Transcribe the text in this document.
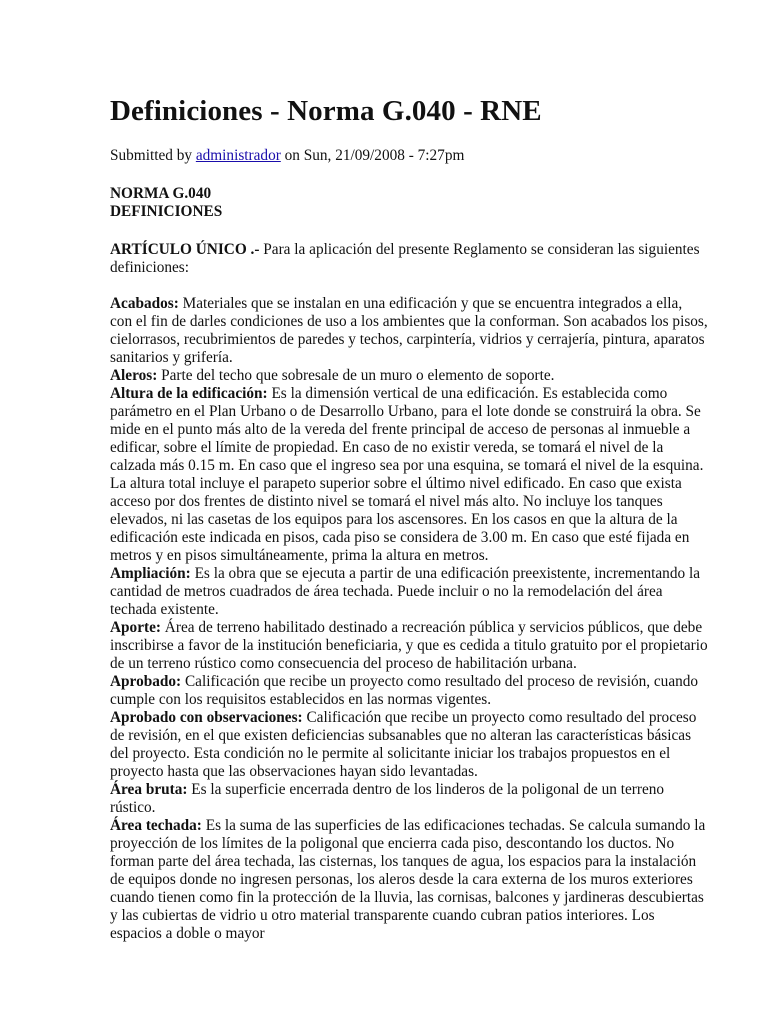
Definiciones - Norma G.040 - RNE

Submitted by administrador on Sun, 21/09/2008 - 7:27pm

NORMA G.040
DEFINICIONES

ARTÍCULO ÚNICO .- Para la aplicación del presente Reglamento se consideran las siguientes definiciones:

Acabados: Materiales que se instalan en una edificación y que se encuentra integrados a ella, con el fin de darles condiciones de uso a los ambientes que la conforman. Son acabados los pisos, cielorrasos, recubrimientos de paredes y techos, carpintería, vidrios y cerrajería, pintura, aparatos sanitarios y grifería.

Aleros: Parte del techo que sobresale de un muro o elemento de soporte.

Altura de la edificación: Es la dimensión vertical de una edificación. Es establecida como parámetro en el Plan Urbano o de Desarrollo Urbano, para el lote donde se construirá la obra. Se mide en el punto más alto de la vereda del frente principal de acceso de personas al inmueble a edificar, sobre el límite de propiedad. En caso de no existir vereda, se tomará el nivel de la calzada más 0.15 m. En caso que el ingreso sea por una esquina, se tomará el nivel de la esquina. La altura total incluye el parapeto superior sobre el último nivel edificado. En caso que exista acceso por dos frentes de distinto nivel se tomará el nivel más alto. No incluye los tanques elevados, ni las casetas de los equipos para los ascensores. En los casos en que la altura de la edificación este indicada en pisos, cada piso se considera de 3.00 m. En caso que esté fijada en metros y en pisos simultáneamente, prima la altura en metros.

Ampliación: Es la obra que se ejecuta a partir de una edificación preexistente, incrementando la cantidad de metros cuadrados de área techada. Puede incluir o no la remodelación del área techada existente.

Aporte: Área de terreno habilitado destinado a recreación pública y servicios públicos, que debe inscribirse a favor de la institución beneficiaria, y que es cedida a titulo gratuito por el propietario de un terreno rústico como consecuencia del proceso de habilitación urbana.

Aprobado: Calificación que recibe un proyecto como resultado del proceso de revisión, cuando cumple con los requisitos establecidos en las normas vigentes.

Aprobado con observaciones: Calificación que recibe un proyecto como resultado del proceso de revisión, en el que existen deficiencias subsanables que no alteran las características básicas del proyecto. Esta condición no le permite al solicitante iniciar los trabajos propuestos en el proyecto hasta que las observaciones hayan sido levantadas.

Área bruta: Es la superficie encerrada dentro de los linderos de la poligonal de un terreno rústico.

Área techada: Es la suma de las superficies de las edificaciones techadas. Se calcula sumando la proyección de los límites de la poligonal que encierra cada piso, descontando los ductos. No forman parte del área techada, las cisternas, los tanques de agua, los espacios para la instalación de equipos donde no ingresen personas, los aleros desde la cara externa de los muros exteriores cuando tienen como fin la protección de la lluvia, las cornisas, balcones y jardineras descubiertas y las cubiertas de vidrio u otro material transparente cuando cubran patios interiores. Los espacios a doble o mayor
